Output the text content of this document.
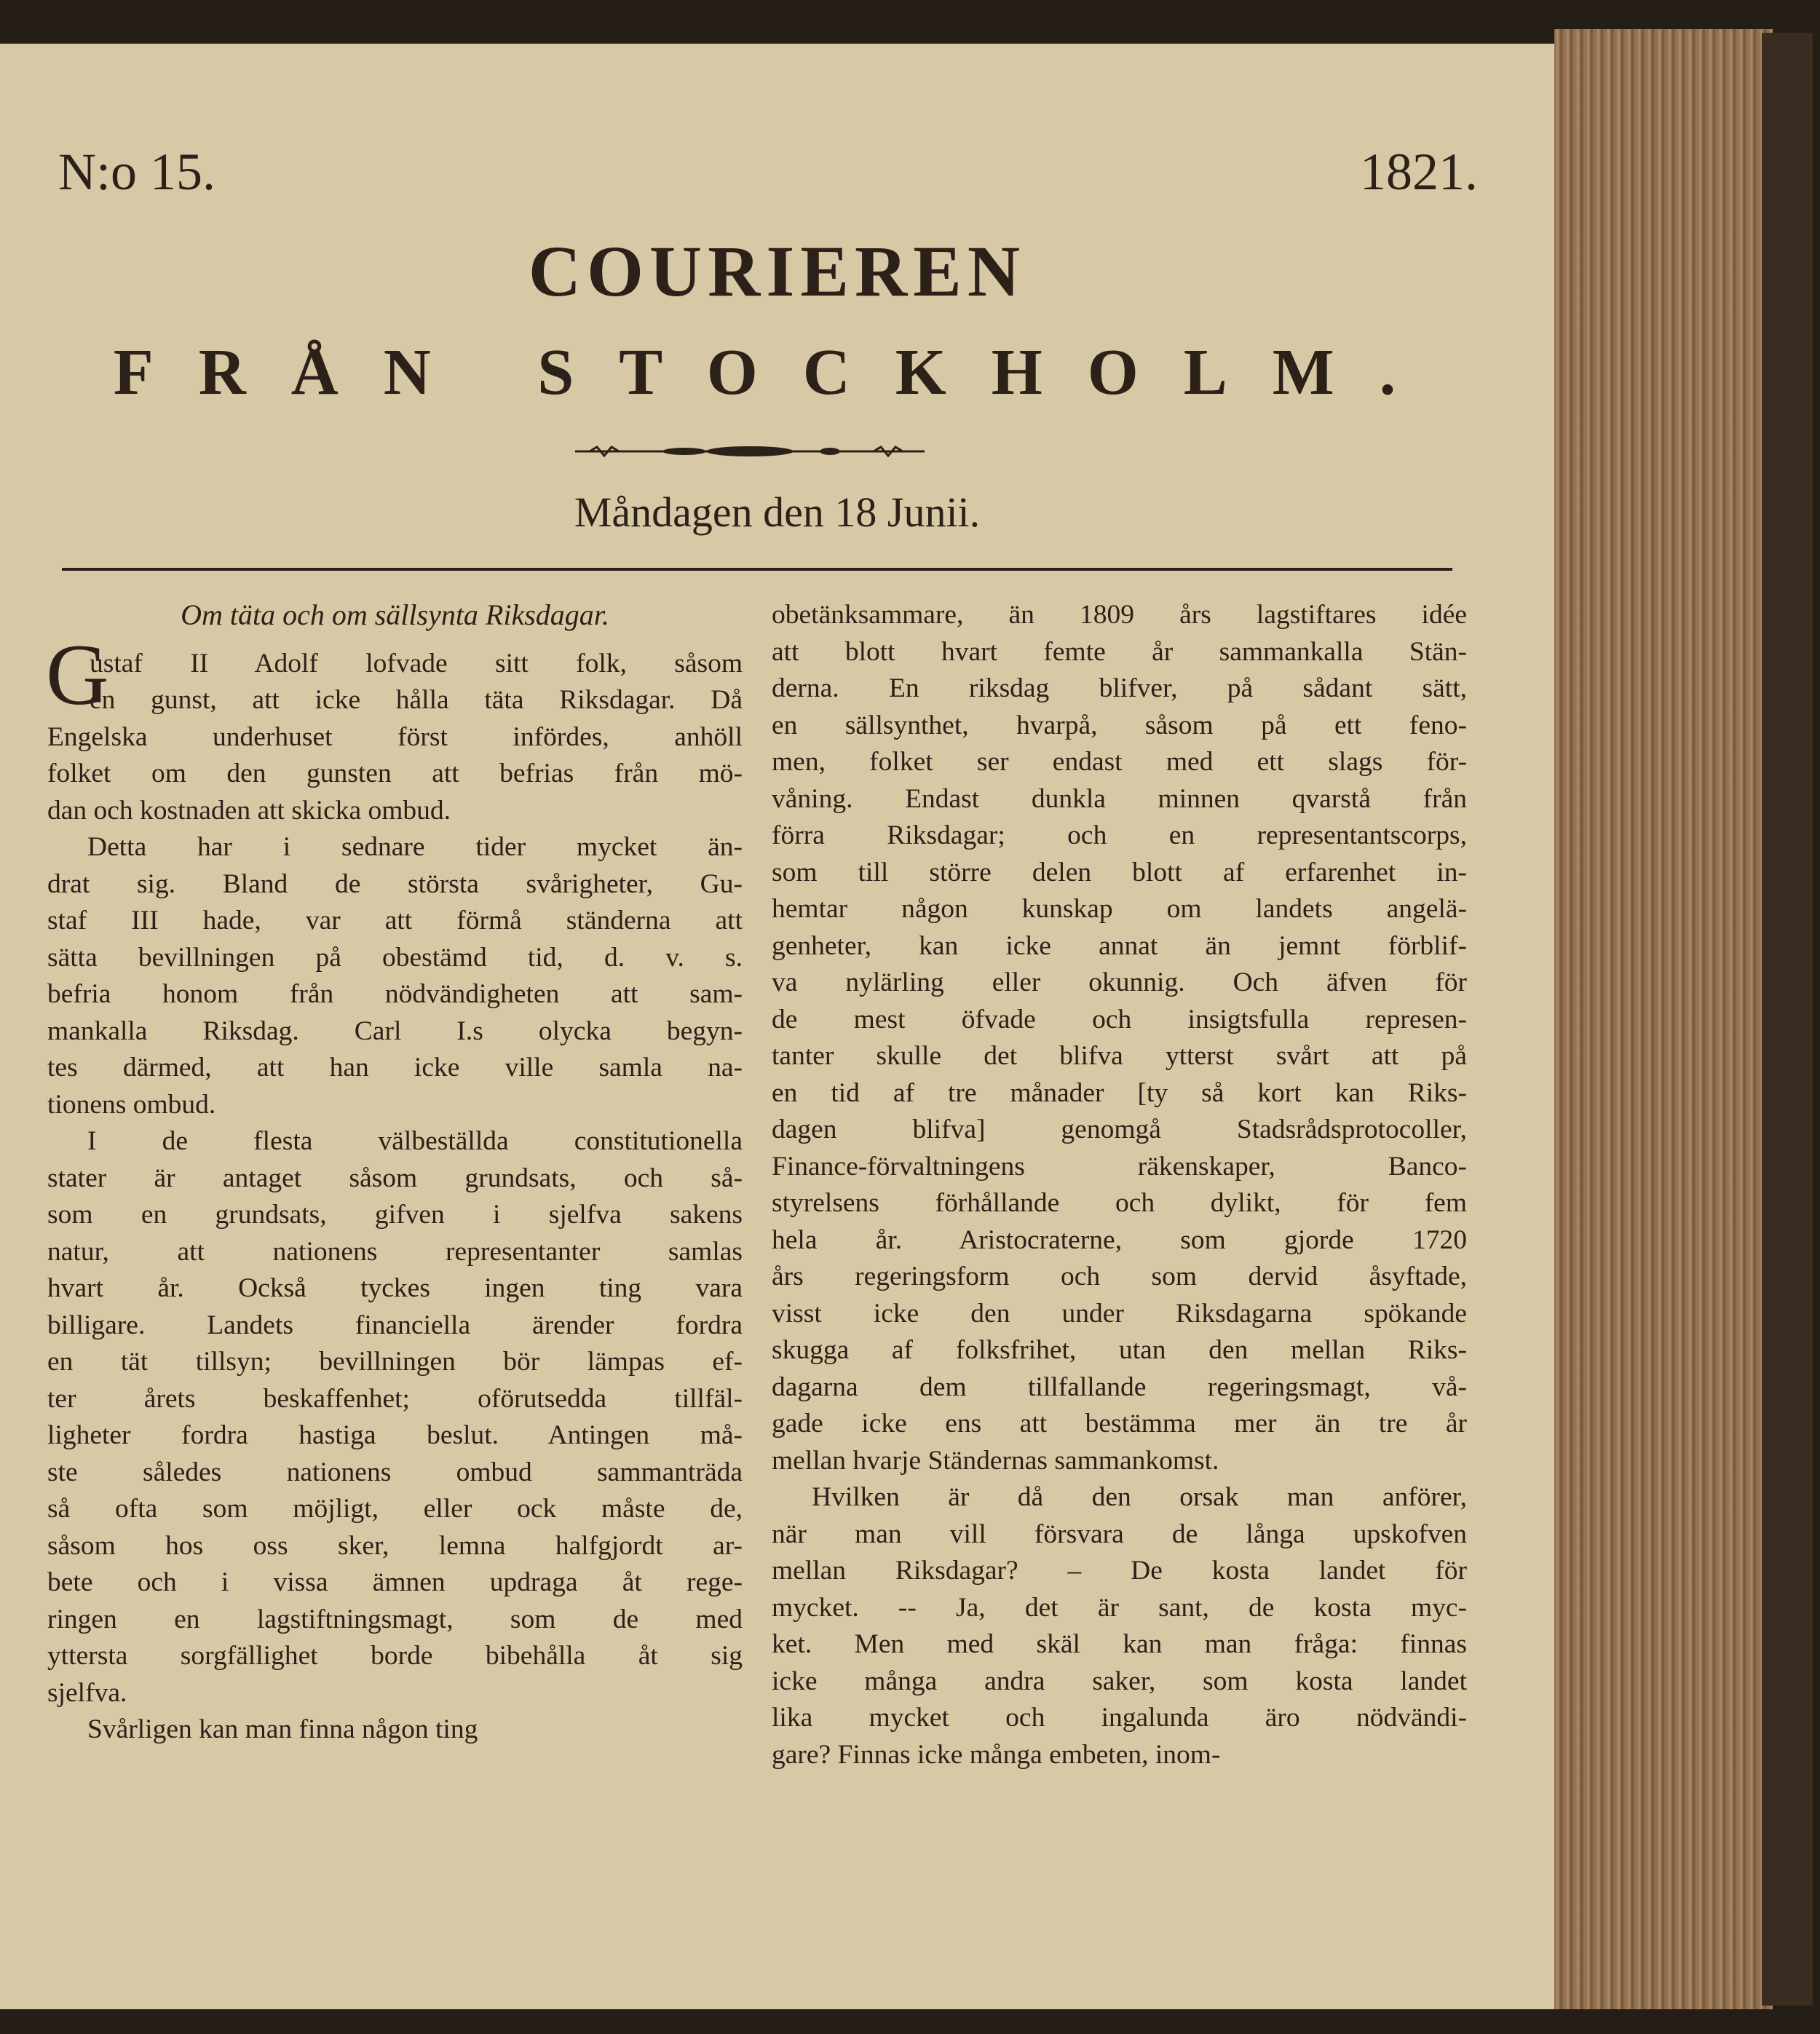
N:o 15.	1821.
COURIEREN
FRÅN STOCKHOLM.
Måndagen den 18 Junii.
Om täta och om sällsynta Riksdagar.
G
ustaf II Adolf lofvade sitt folk, såsom
en gunst, att icke hålla täta Riksdagar. Då
Engelska underhuset först infördes, anhöll
folket om den gunsten att befrias från mö-
dan och kostnaden att skicka ombud.
Detta har i sednare tider mycket än-
drat sig. Bland de största svårigheter, Gu-
staf III hade, var att förmå ständerna att
sätta bevillningen på obestämd tid, d. v. s.
befria honom från nödvändigheten att sam-
mankalla Riksdag. Carl I.s olycka begyn-
tes därmed, att han icke ville samla na-
tionens ombud.
I de flesta välbeställda constitutionella
stater är antaget såsom grundsats, och så-
som en grundsats, gifven i sjelfva sakens
natur, att nationens representanter samlas
hvart år. Också tyckes ingen ting vara
billigare. Landets financiella ärender fordra
en tät tillsyn; bevillningen bör lämpas ef-
ter årets beskaffenhet; oförutsedda tillfäl-
ligheter fordra hastiga beslut. Antingen må-
ste således nationens ombud sammanträda
så ofta som möjligt, eller ock måste de,
såsom hos oss sker, lemna halfgjordt ar-
bete och i vissa ämnen updraga åt rege-
ringen en lagstiftningsmagt, som de med
yttersta sorgfällighet borde bibehålla åt sig
sjelfva.
Svårligen kan man finna någon ting
obetänksammare, än 1809 års lagstiftares idée
att blott hvart femte år sammankalla Stän-
derna. En riksdag blifver, på sådant sätt,
en sällsynthet, hvarpå, såsom på ett feno-
men, folket ser endast med ett slags för-
våning. Endast dunkla minnen qvarstå från
förra Riksdagar; och en representantscorps,
som till större delen blott af erfarenhet in-
hemtar någon kunskap om landets angelä-
genheter, kan icke annat än jemnt förblif-
va nylärling eller okunnig. Och äfven för
de mest öfvade och insigtsfulla represen-
tanter skulle det blifva ytterst svårt att på
en tid af tre månader [ty så kort kan Riks-
dagen blifva] genomgå Stadsrådsprotocoller,
Finance-förvaltningens räkenskaper, Banco-
styrelsens förhållande och dylikt, för fem
hela år. Aristocraterne, som gjorde 1720
års regeringsform och som dervid åsyftade,
visst icke den under Riksdagarna spökande
skugga af folksfrihet, utan den mellan Riks-
dagarna dem tillfallande regeringsmagt, vå-
gade icke ens att bestämma mer än tre år
mellan hvarje Ständernas sammankomst.
Hvilken är då den orsak man anförer,
när man vill försvara de långa upskofven
mellan Riksdagar? – De kosta landet för
mycket. -- Ja, det är sant, de kosta myc-
ket. Men med skäl kan man fråga: finnas
icke många andra saker, som kosta landet
lika mycket och ingalunda äro nödvändi-
gare? Finnas icke många embeten, inom-
